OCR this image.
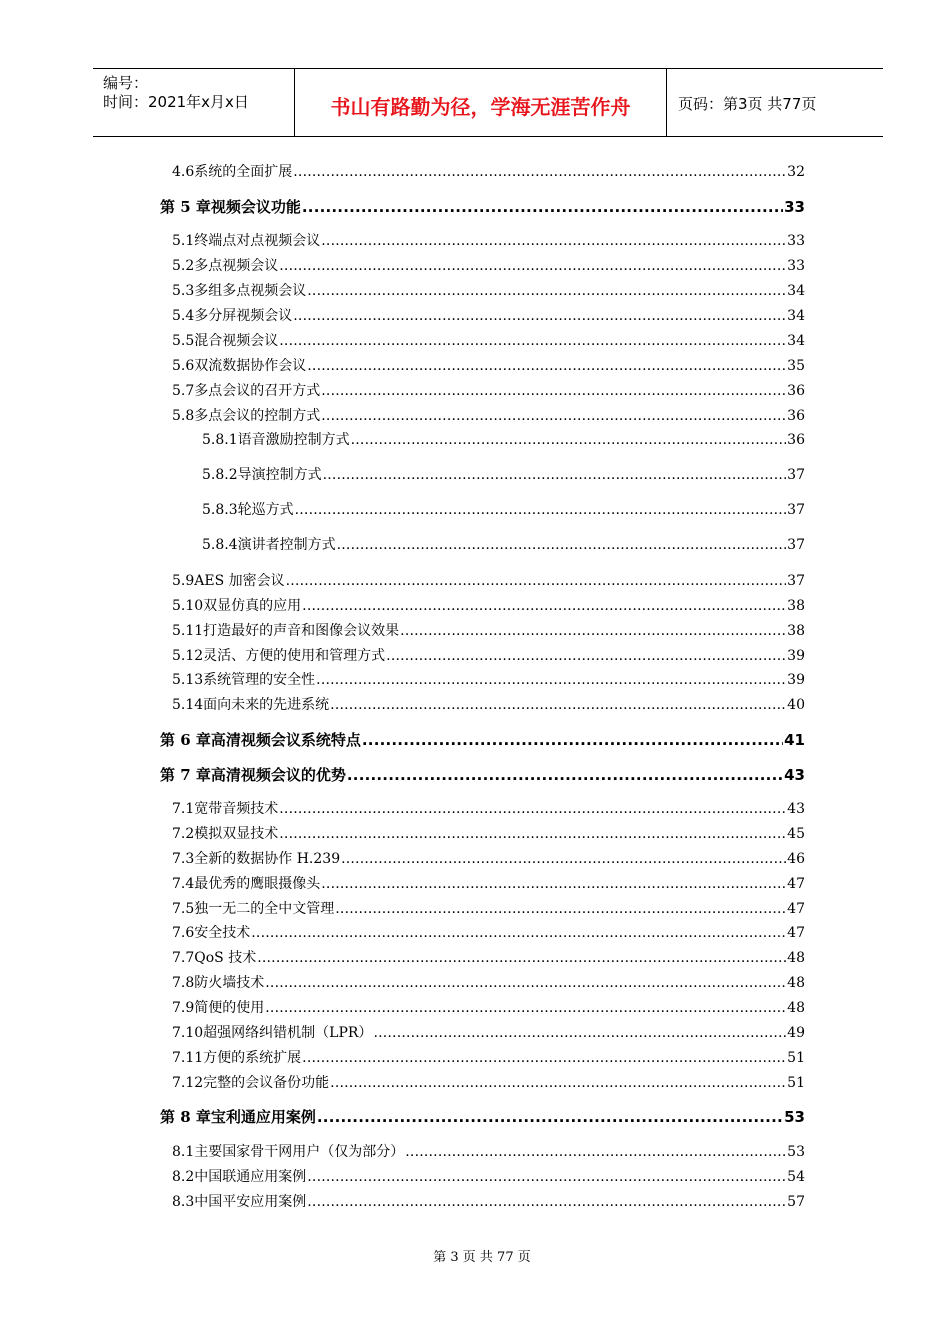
编号：
时间：2021年x月x日	书山有路勤为径，学海无涯苦作舟	页码：第3页 共77页
4.6 系统的全面扩展 .....	32
第 5 章 视频会议功能 .....	33
5.1 终端点对点视频会议 .....	33
5.2 多点视频会议 .....	33
5.3 多组多点视频会议 .....	34
5.4 多分屏视频会议 .....	34
5.5 混合视频会议 .....	34
5.6 双流数据协作会议 .....	35
5.7 多点会议的召开方式 .....	36
5.8 多点会议的控制方式 .....	36
5.8.1 语音激励控制方式 .....	36
5.8.2 导演控制方式 .....	37
5.8.3 轮巡方式 .....	37
5.8.4 演讲者控制方式 .....	37
5.9 AES 加密会议 .....	37
5.10 双显仿真的应用 .....	38
5.11 打造最好的声音和图像会议效果 .....	38
5.12 灵活、方便的使用和管理方式 .....	39
5.13 系统管理的安全性 .....	39
5.14 面向未来的先进系统 .....	40
第 6 章 高清视频会议系统特点 .....	41
第 7 章 高清视频会议的优势 .....	43
7.1 宽带音频技术 .....	43
7.2 模拟双显技术 .....	45
7.3 全新的数据协作 H.239 .....	46
7.4 最优秀的鹰眼摄像头 .....	47
7.5 独一无二的全中文管理 .....	47
7.6 安全技术 .....	47
7.7 QoS 技术 .....	48
7.8 防火墙技术 .....	48
7.9 简便的使用 .....	48
7.10 超强网络纠错机制（LPR） .....	49
7.11 方便的系统扩展 .....	51
7.12 完整的会议备份功能 .....	51
第 8 章 宝利通应用案例 .....	53
8.1 主要国家骨干网用户（仅为部分） .....	53
8.2 中国联通应用案例 .....	54
8.3 中国平安应用案例 .....	57
第 3 页 共 77 页
